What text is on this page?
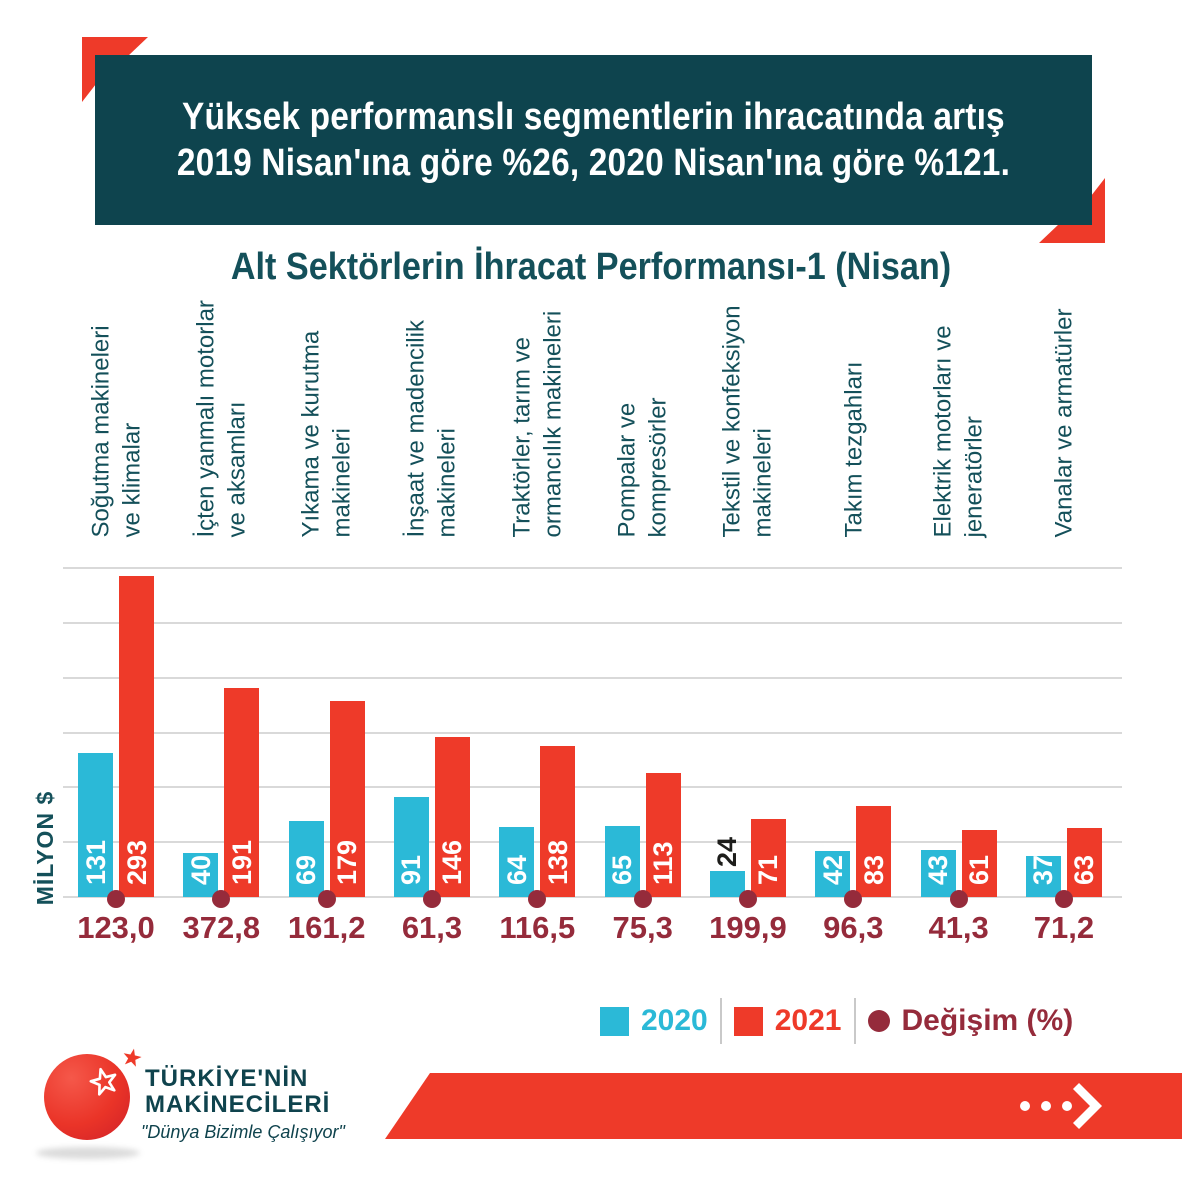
Yüksek performanslı segmentlerin ihracatında artış
2019 Nisan'ına göre %26, 2020 Nisan'ına göre %121.
Alt Sektörlerin İhracat Performansı-1 (Nisan)
MİLYON $
Soğutma makineleri ve klimalar
131 293
123,0
İçten yanmalı motorlar ve aksamları
40 191
372,8
Yıkama ve kurutma makineleri
69 179
161,2
İnşaat ve madencilik makineleri
91 146
61,3
Traktörler, tarım ve ormancılık makineleri
64 138
116,5
Pompalar ve kompresörler
65 113
75,3
Tekstil ve konfeksiyon makineleri
24
71
199,9
Takım tezgahları
42 83
96,3
Elektrik motorları ve jeneratörler
43 61
41,3
Vanalar ve armatürler
37 63
71,2
2020 2021 Değişim (%)
TÜRKİYE'NİN
MAKİNECİLERİ
"Dünya Bizimle Çalışıyor"
